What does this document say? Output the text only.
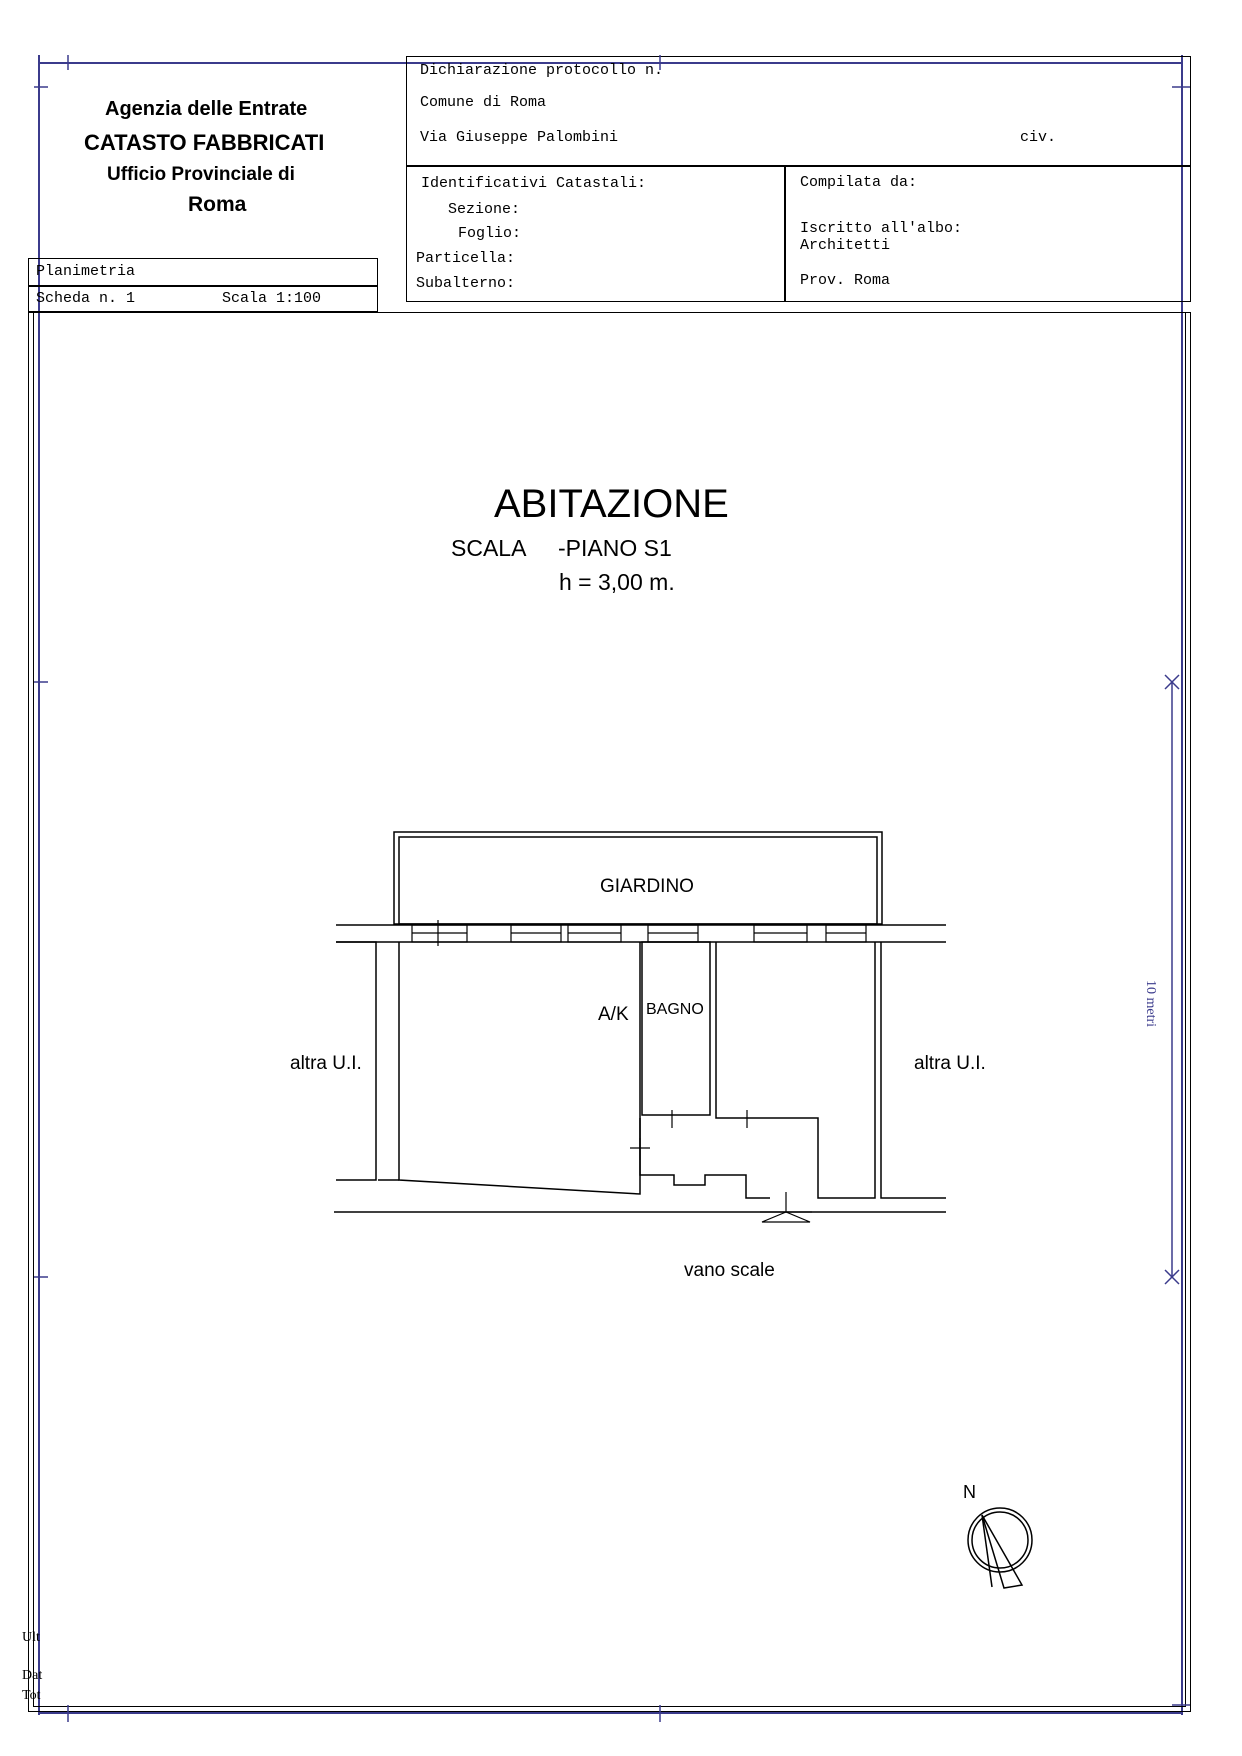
Agenzia delle Entrate
CATASTO FABBRICATI
Ufficio Provinciale di
Roma
Planimetria
Scheda n. 1	Scala 1:100
Dichiarazione protocollo n.
Comune di Roma
Via Giuseppe Palombini	civ.
Identificativi Catastali:
Sezione:
Foglio:
Particella:
Subalterno:
Compilata da:
Iscritto all'albo:
Architetti
Prov. Roma
ABITAZIONE
SCALA -PIANO S1
h = 3,00 m.
GIARDINO
A/K BAGNO
altra U.I.	altra U.I.
vano scale
N
10 metri
Ult
Dat
Tot
